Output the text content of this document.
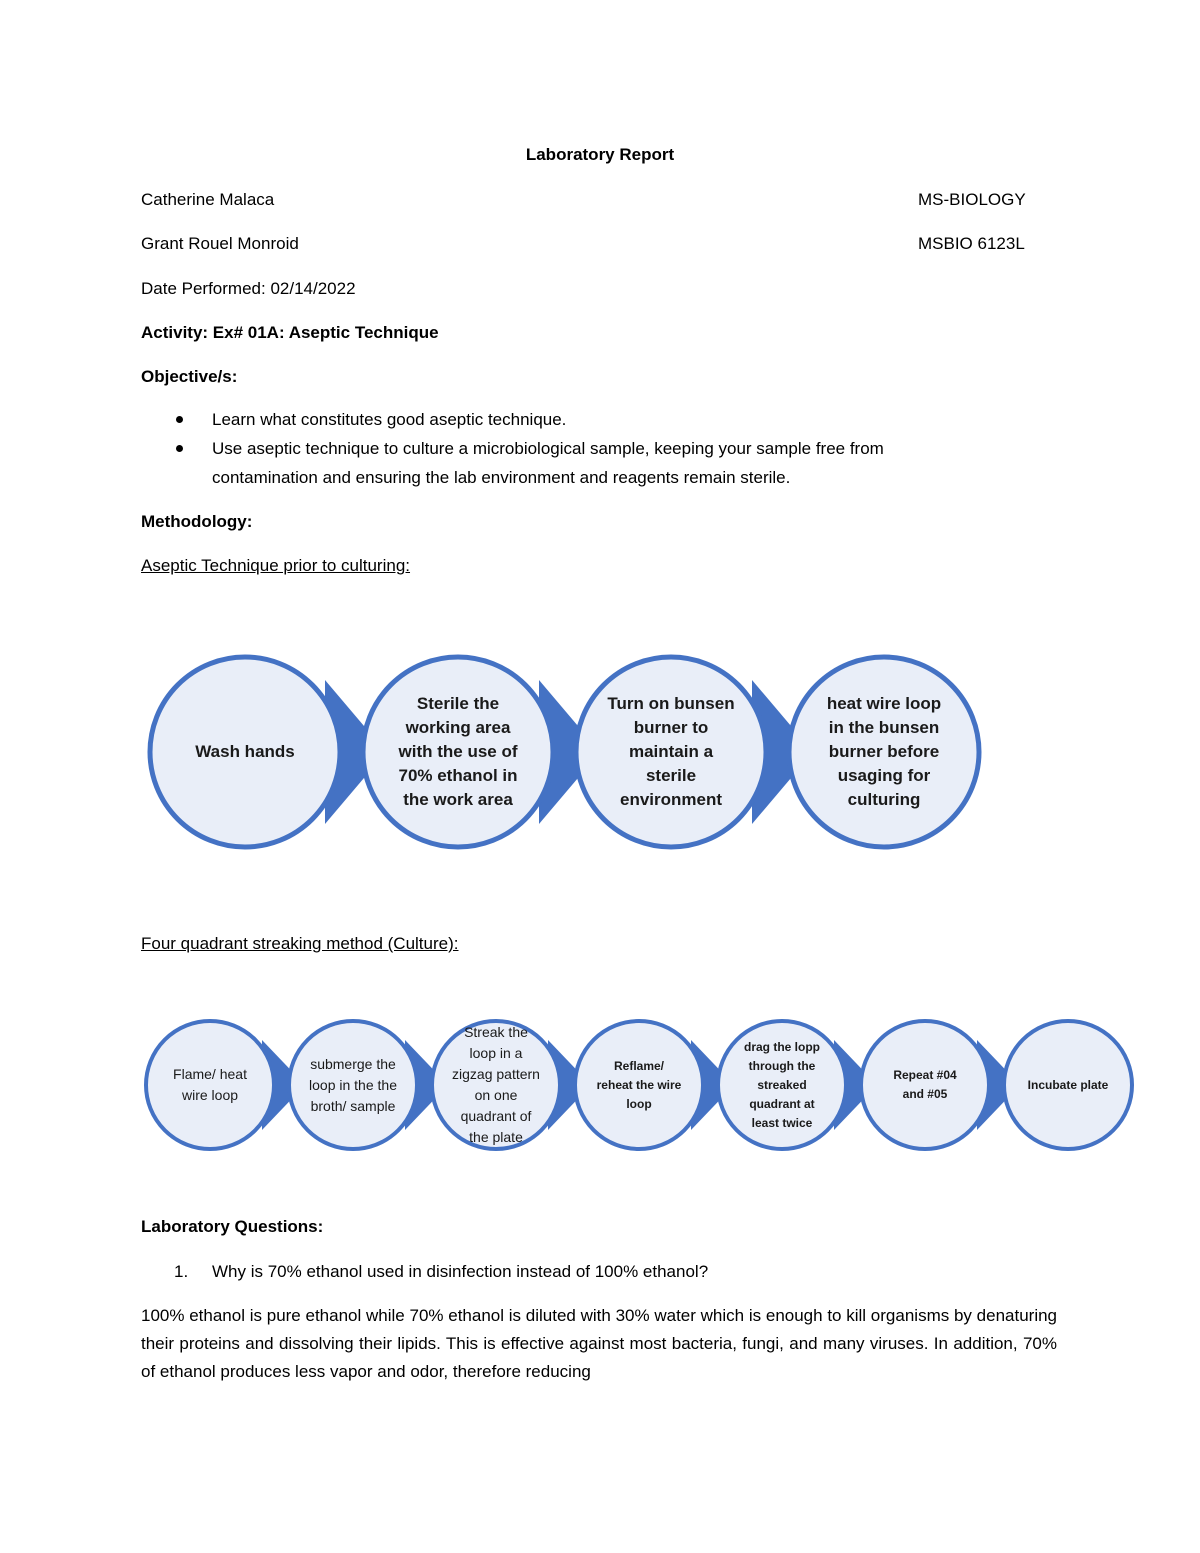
Laboratory Report
Catherine Malaca	MS-BIOLOGY
Grant Rouel Monroid	MSBIO 6123L
Date Performed: 02/14/2022
Activity: Ex# 01A: Aseptic Technique
Objective/s:
Learn what constitutes good aseptic technique.
Use aseptic technique to culture a microbiological sample, keeping your sample free from
contamination and ensuring the lab environment and reagents remain sterile.
Methodology:
Aseptic Technique prior to culturing:
Wash hands
Sterile the working area with the use of 70% ethanol in the work area
Turn on bunsen burner to maintain a sterile environment
heat wire loop in the bunsen burner before usaging for culturing
Four quadrant streaking method (Culture):
Flame/ heat wire loop
submerge the loop in the the broth/ sample
Streak the loop in a zigzag pattern on one quadrant of the plate
Reflame/ reheat the wire loop
drag the lopp through the streaked quadrant at least twice
Repeat #04 and #05
Incubate plate
Laboratory Questions:
1. Why is 70% ethanol used in disinfection instead of 100% ethanol?
100% ethanol is pure ethanol while 70% ethanol is diluted with 30% water which is enough to kill organisms by denaturing their proteins and dissolving their lipids. This is effective against most bacteria, fungi, and many viruses. In addition, 70% of ethanol produces less vapor and odor, therefore reducing
